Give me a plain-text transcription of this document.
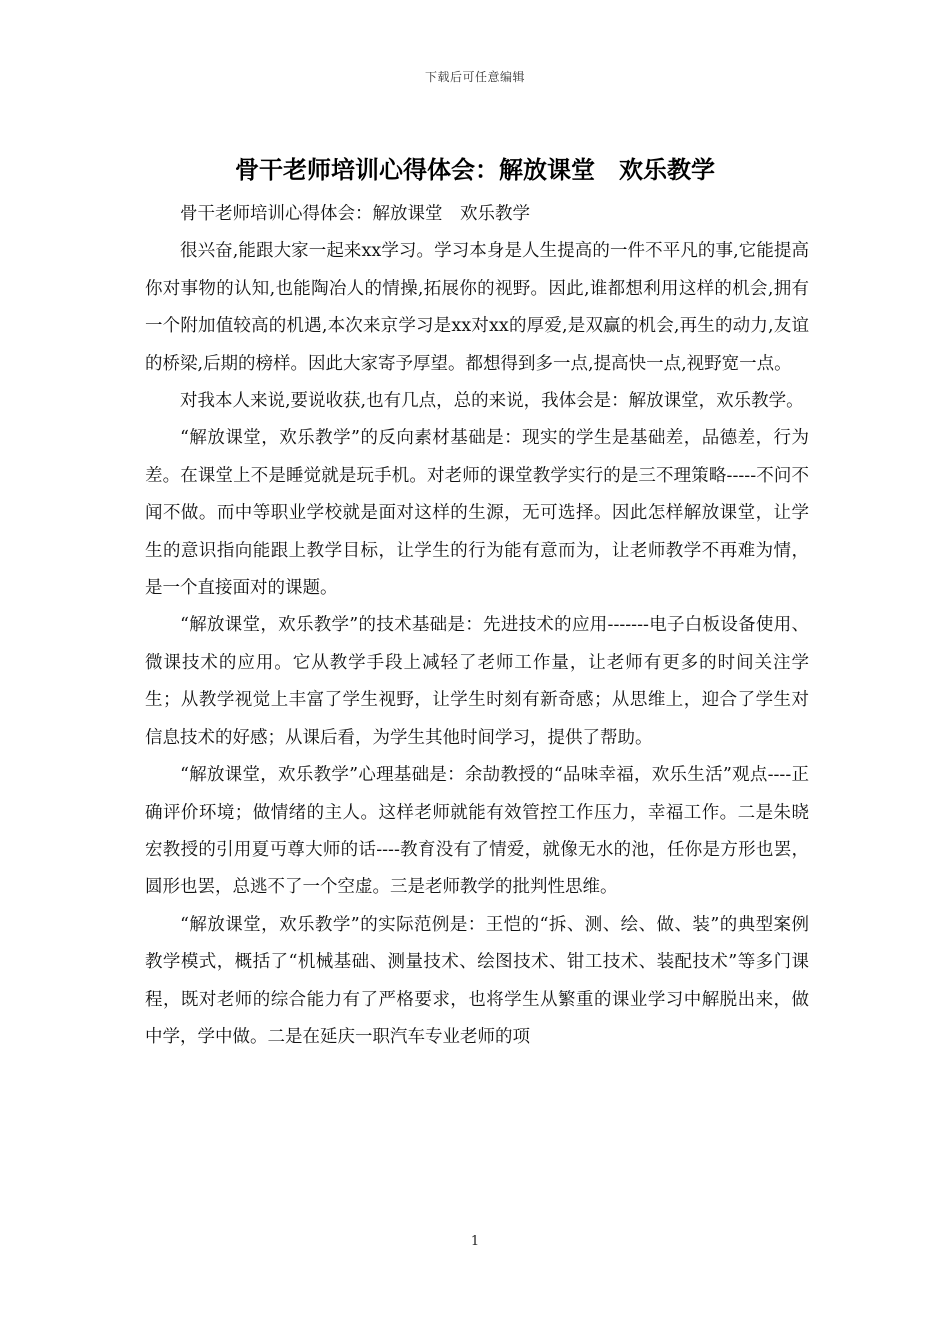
下载后可任意编辑
骨干老师培训心得体会：解放课堂　欢乐教学

骨干老师培训心得体会：解放课堂　欢乐教学

很兴奋,能跟大家一起来xx学习。学习本身是人生提高的一件不平凡的事,它能提高你对事物的认知,也能陶冶人的情操,拓展你的视野。因此,谁都想利用这样的机会,拥有一个附加值较高的机遇,本次来京学习是xx对xx的厚爱,是双赢的机会,再生的动力,友谊的桥梁,后期的榜样。因此大家寄予厚望。都想得到多一点,提高快一点,视野宽一点。

对我本人来说,要说收获,也有几点，总的来说，我体会是：解放课堂，欢乐教学。

“解放课堂，欢乐教学”的反向素材基础是：现实的学生是基础差，品德差，行为差。在课堂上不是睡觉就是玩手机。对老师的课堂教学实行的是三不理策略-----不问不闻不做。而中等职业学校就是面对这样的生源，无可选择。因此怎样解放课堂，让学生的意识指向能跟上教学目标，让学生的行为能有意而为，让老师教学不再难为情，是一个直接面对的课题。

“解放课堂，欢乐教学”的技术基础是：先进技术的应用-------电子白板设备使用、微课技术的应用。它从教学手段上减轻了老师工作量，让老师有更多的时间关注学生；从教学视觉上丰富了学生视野，让学生时刻有新奇感；从思维上，迎合了学生对信息技术的好感；从课后看，为学生其他时间学习，提供了帮助。

“解放课堂，欢乐教学”心理基础是：余劼教授的“品味幸福，欢乐生活”观点----正确评价环境；做情绪的主人。这样老师就能有效管控工作压力，幸福工作。二是朱晓宏教授的引用夏丏尊大师的话----教育没有了情爱，就像无水的池，任你是方形也罢，圆形也罢，总逃不了一个空虚。三是老师教学的批判性思维。

“解放课堂，欢乐教学”的实际范例是：王恺的“拆、测、绘、做、装”的典型案例教学模式，概括了“机械基础、测量技术、绘图技术、钳工技术、装配技术”等多门课程，既对老师的综合能力有了严格要求，也将学生从繁重的课业学习中解脱出来，做中学，学中做。二是在延庆一职汽车专业老师的项

1
